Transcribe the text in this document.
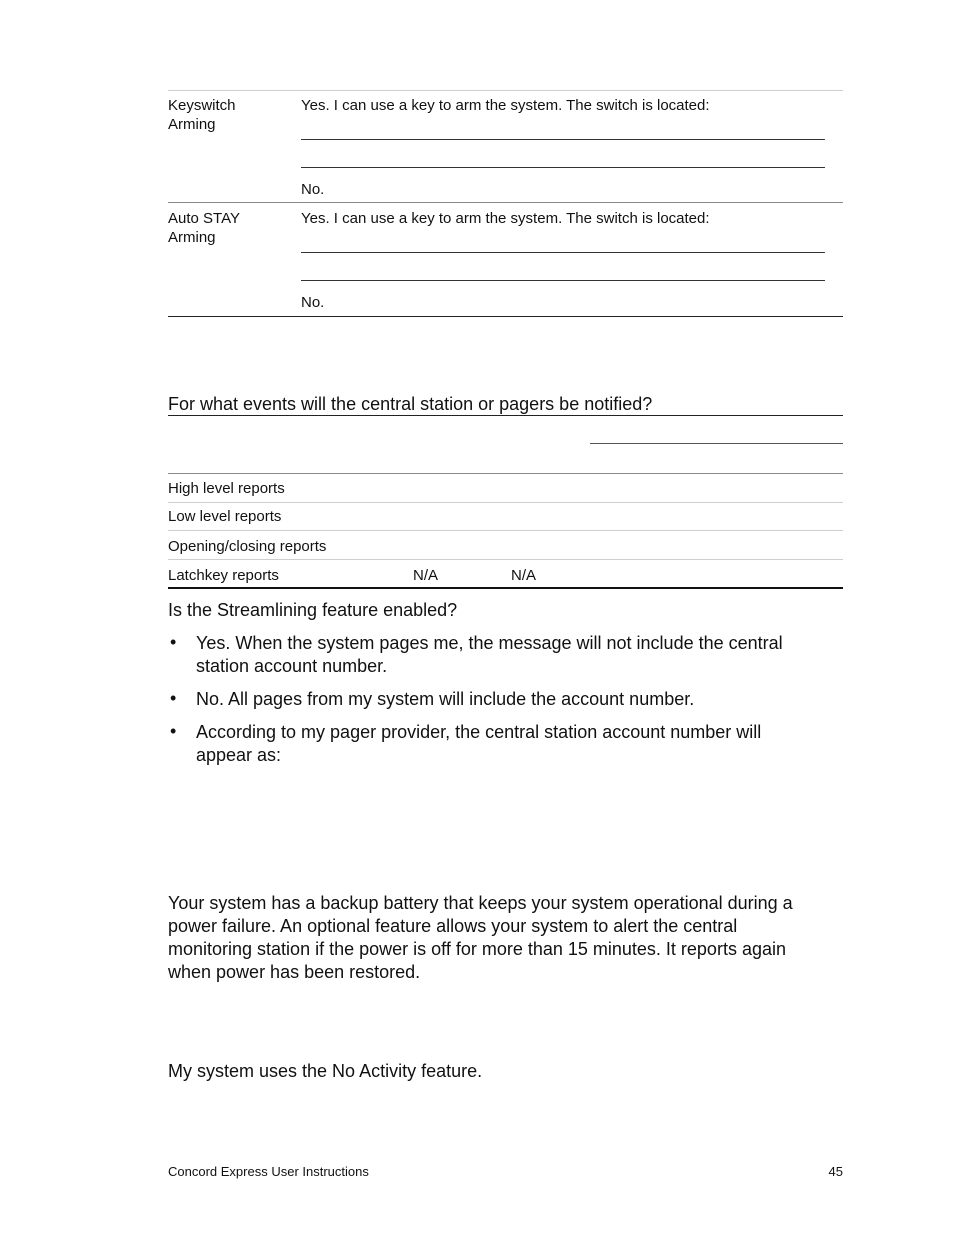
Keyswitch
Arming
Yes. I can use a key to arm the system. The switch is located:
No.
Auto STAY
Arming
Yes. I can use a key to arm the system. The switch is located:
No.
For what events will the central station or pagers be notified?
High level reports
Low level reports
Opening/closing reports
Latchkey reports	N/A	N/A
Is the Streamlining feature enabled?
• Yes. When the system pages me, the message will not include the central
station account number.
• No. All pages from my system will include the account number.
• According to my pager provider, the central station account number will
appear as:
Your system has a backup battery that keeps your system operational during a
power failure. An optional feature allows your system to alert the central
monitoring station if the power is off for more than 15 minutes. It reports again
when power has been restored.
My system uses the No Activity feature.
Concord Express User Instructions	45
